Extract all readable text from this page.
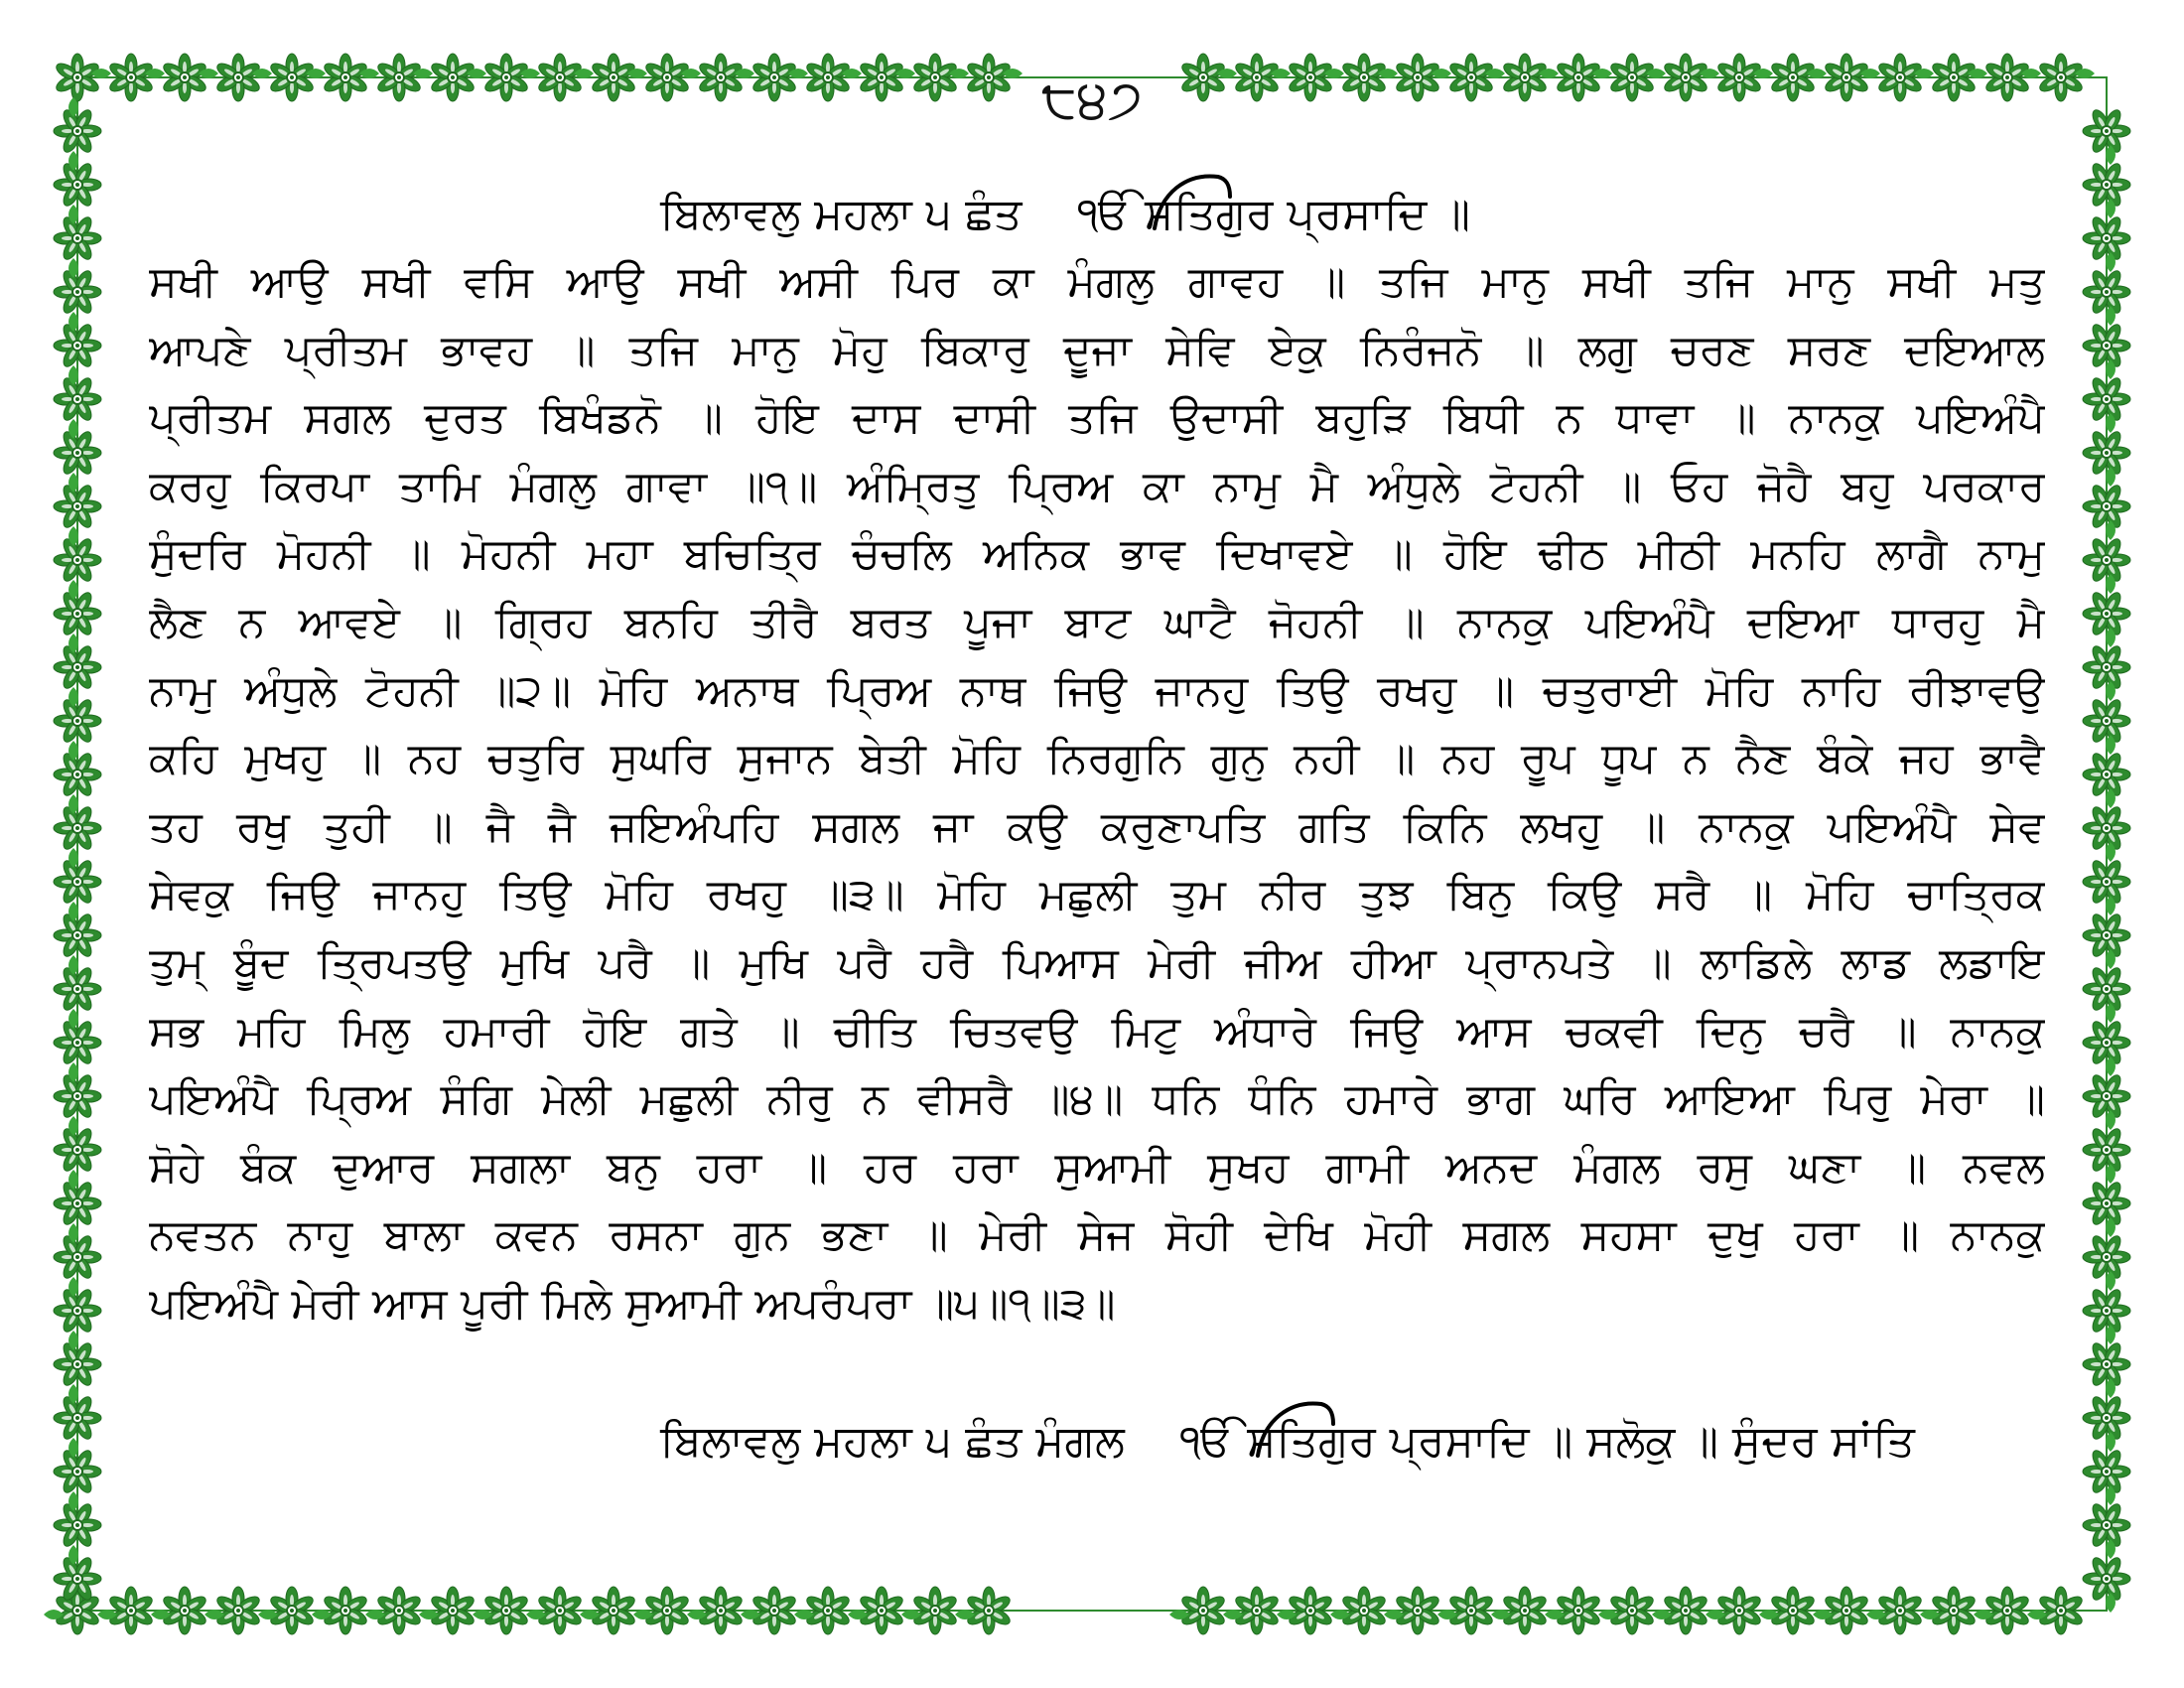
੮੪੭
ਬਿਲਾਵਲੁ ਮਹਲਾ ੫ ਛੰਤ ੴ ਸਤਿਗੁਰ ਪ੍ਰਸਾਦਿ ॥
ਸਖੀ ਆਉ ਸਖੀ ਵਸਿ ਆਉ ਸਖੀ ਅਸੀ ਪਿਰ ਕਾ ਮੰਗਲੁ ਗਾਵਹ ॥ ਤਜਿ ਮਾਨੁ ਸਖੀ ਤਜਿ ਮਾਨੁ ਸਖੀ ਮਤੁ
ਆਪਣੇ ਪ੍ਰੀਤਮ ਭਾਵਹ ॥ ਤਜਿ ਮਾਨੁ ਮੋਹੁ ਬਿਕਾਰੁ ਦੂਜਾ ਸੇਵਿ ਏਕੁ ਨਿਰੰਜਨੋ ॥ ਲਗੁ ਚਰਣ ਸਰਣ ਦਇਆਲ
ਪ੍ਰੀਤਮ ਸਗਲ ਦੁਰਤ ਬਿਖੰਡਨੋ ॥ ਹੋਇ ਦਾਸ ਦਾਸੀ ਤਜਿ ਉਦਾਸੀ ਬਹੁੜਿ ਬਿਧੀ ਨ ਧਾਵਾ ॥ ਨਾਨਕੁ ਪਇਅੰਪੈ
ਕਰਹੁ ਕਿਰਪਾ ਤਾਮਿ ਮੰਗਲੁ ਗਾਵਾ ॥੧॥ ਅੰਮ੍ਰਿਤੁ ਪ੍ਰਿਅ ਕਾ ਨਾਮੁ ਮੈ ਅੰਧੁਲੇ ਟੋਹਨੀ ॥ ਓਹ ਜੋਹੈ ਬਹੁ ਪਰਕਾਰ
ਸੁੰਦਰਿ ਮੋਹਨੀ ॥ ਮੋਹਨੀ ਮਹਾ ਬਚਿਤ੍ਰਿ ਚੰਚਲਿ ਅਨਿਕ ਭਾਵ ਦਿਖਾਵਏ ॥ ਹੋਇ ਢੀਠ ਮੀਠੀ ਮਨਹਿ ਲਾਗੈ ਨਾਮੁ
ਲੈਣ ਨ ਆਵਏ ॥ ਗ੍ਰਿਹ ਬਨਹਿ ਤੀਰੈ ਬਰਤ ਪੂਜਾ ਬਾਟ ਘਾਟੈ ਜੋਹਨੀ ॥ ਨਾਨਕੁ ਪਇਅੰਪੈ ਦਇਆ ਧਾਰਹੁ ਮੈ
ਨਾਮੁ ਅੰਧੁਲੇ ਟੋਹਨੀ ॥੨॥ ਮੋਹਿ ਅਨਾਥ ਪ੍ਰਿਅ ਨਾਥ ਜਿਉ ਜਾਨਹੁ ਤਿਉ ਰਖਹੁ ॥ ਚਤੁਰਾਈ ਮੋਹਿ ਨਾਹਿ ਰੀਝਾਵਉ
ਕਹਿ ਮੁਖਹੁ ॥ ਨਹ ਚਤੁਰਿ ਸੁਘਰਿ ਸੁਜਾਨ ਬੇਤੀ ਮੋਹਿ ਨਿਰਗੁਨਿ ਗੁਨੁ ਨਹੀ ॥ ਨਹ ਰੂਪ ਧੂਪ ਨ ਨੈਣ ਬੰਕੇ ਜਹ ਭਾਵੈ
ਤਹ ਰਖੁ ਤੁਹੀ ॥ ਜੈ ਜੈ ਜਇਅੰਪਹਿ ਸਗਲ ਜਾ ਕਉ ਕਰੁਣਾਪਤਿ ਗਤਿ ਕਿਨਿ ਲਖਹੁ ॥ ਨਾਨਕੁ ਪਇਅੰਪੈ ਸੇਵ
ਸੇਵਕੁ ਜਿਉ ਜਾਨਹੁ ਤਿਉ ਮੋਹਿ ਰਖਹੁ ॥੩॥ ਮੋਹਿ ਮਛੁਲੀ ਤੁਮ ਨੀਰ ਤੁਝ ਬਿਨੁ ਕਿਉ ਸਰੈ ॥ ਮੋਹਿ ਚਾਤ੍ਰਿਕ
ਤੁਮ੍ ਬੂੰਦ ਤ੍ਰਿਪਤਉ ਮੁਖਿ ਪਰੈ ॥ ਮੁਖਿ ਪਰੈ ਹਰੈ ਪਿਆਸ ਮੇਰੀ ਜੀਅ ਹੀਆ ਪ੍ਰਾਨਪਤੇ ॥ ਲਾਡਿਲੇ ਲਾਡ ਲਡਾਇ
ਸਭ ਮਹਿ ਮਿਲੁ ਹਮਾਰੀ ਹੋਇ ਗਤੇ ॥ ਚੀਤਿ ਚਿਤਵਉ ਮਿਟੁ ਅੰਧਾਰੇ ਜਿਉ ਆਸ ਚਕਵੀ ਦਿਨੁ ਚਰੈ ॥ ਨਾਨਕੁ
ਪਇਅੰਪੈ ਪ੍ਰਿਅ ਸੰਗਿ ਮੇਲੀ ਮਛੁਲੀ ਨੀਰੁ ਨ ਵੀਸਰੈ ॥੪॥ ਧਨਿ ਧੰਨਿ ਹਮਾਰੇ ਭਾਗ ਘਰਿ ਆਇਆ ਪਿਰੁ ਮੇਰਾ ॥
ਸੋਹੇ ਬੰਕ ਦੁਆਰ ਸਗਲਾ ਬਨੁ ਹਰਾ ॥ ਹਰ ਹਰਾ ਸੁਆਮੀ ਸੁਖਹ ਗਾਮੀ ਅਨਦ ਮੰਗਲ ਰਸੁ ਘਣਾ ॥ ਨਵਲ
ਨਵਤਨ ਨਾਹੁ ਬਾਲਾ ਕਵਨ ਰਸਨਾ ਗੁਨ ਭਣਾ ॥ ਮੇਰੀ ਸੇਜ ਸੋਹੀ ਦੇਖਿ ਮੋਹੀ ਸਗਲ ਸਹਸਾ ਦੁਖੁ ਹਰਾ ॥ ਨਾਨਕੁ
ਪਇਅੰਪੈ ਮੇਰੀ ਆਸ ਪੂਰੀ ਮਿਲੇ ਸੁਆਮੀ ਅਪਰੰਪਰਾ ॥੫॥੧॥੩॥
ਬਿਲਾਵਲੁ ਮਹਲਾ ੫ ਛੰਤ ਮੰਗਲ ੴ ਸਤਿਗੁਰ ਪ੍ਰਸਾਦਿ ॥ ਸਲੋਕੁ ॥ ਸੁੰਦਰ ਸਾਂਤਿ
